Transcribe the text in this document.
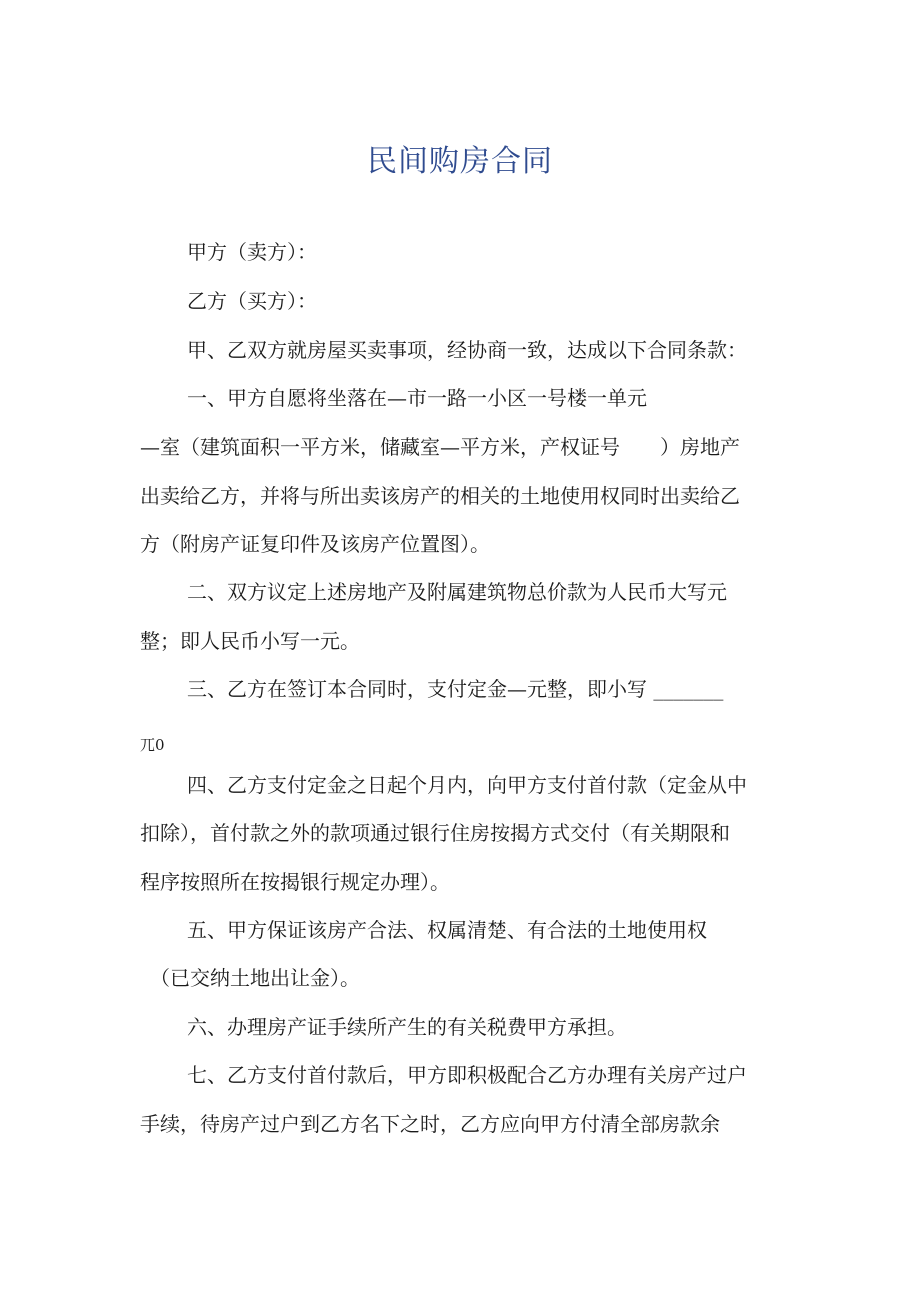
民间购房合同

甲方（卖方）：

乙方（买方）：

甲、乙双方就房屋买卖事项，经协商一致，达成以下合同条款：

一、甲方自愿将坐落在—市一路一小区一号楼一单元

—室（建筑面积一平方米，储藏室—平方米，产权证号　　）房地产

出卖给乙方，并将与所出卖该房产的相关的土地使用权同时出卖给乙

方（附房产证复印件及该房产位置图）。

二、双方议定上述房地产及附属建筑物总价款为人民币大写元

整；即人民币小写一元。

三、乙方在签订本合同时，支付定金—元整，即小写 _______

兀0

四、乙方支付定金之日起个月内，向甲方支付首付款（定金从中

扣除），首付款之外的款项通过银行住房按揭方式交付（有关期限和

程序按照所在按揭银行规定办理）。

五、甲方保证该房产合法、权属清楚、有合法的土地使用权

（已交纳土地出让金）。

六、办理房产证手续所产生的有关税费甲方承担。

七、乙方支付首付款后，甲方即积极配合乙方办理有关房产过户

手续，待房产过户到乙方名下之时，乙方应向甲方付清全部房款余
